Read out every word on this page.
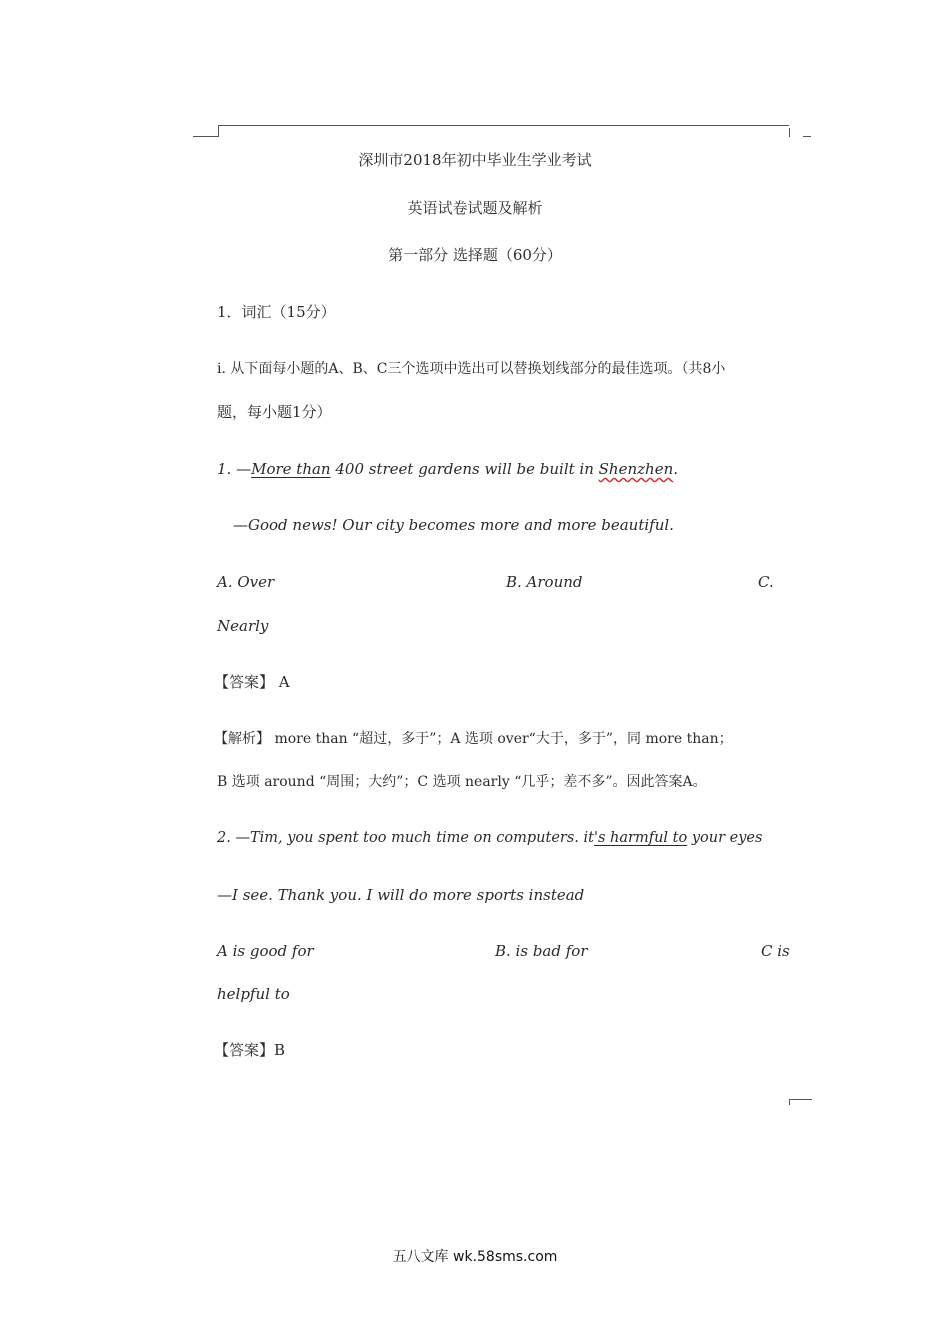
深圳市2018年初中毕业生学业考试
英语试卷试题及解析
第一部分 选择题（60分）
1．词汇（15分）
i. 从下面每小题的A、B、C三个选项中选出可以替换划线部分的最佳选项。（共8小
题，每小题1分）
1. —More than 400 street gardens will be built in Shenzhen.
—Good news! Our city becomes more and more beautiful.
A. Over	B. Around	C.
Nearly
【答案】 A
【解析】 more than “超过，多于”；A 选项 over“大于，多于”，同 more than；
B 选项 around “周围；大约”；C 选项 nearly “几乎；差不多”。因此答案A。
2. —Tim, you spent too much time on computers. it's harmful to your eyes
—I see. Thank you. I will do more sports instead
A is good for	B. is bad for	C is
helpful to
【答案】B
五八文库 wk.58sms.com
